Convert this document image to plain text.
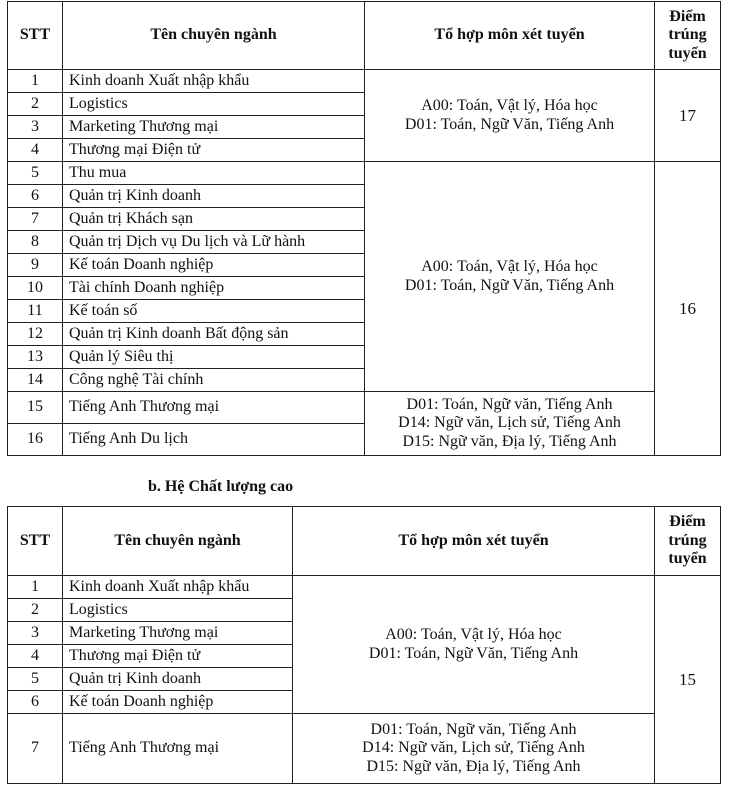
STT	Tên chuyên ngành	Tổ hợp môn xét tuyển	Điểm
trúng
tuyển

1	Kinh doanh Xuất nhập khẩu	A00: Toán, Vật lý, Hóa học
D01: Toán, Ngữ Văn, Tiếng Anh	17
2	Logistics		
3	Marketing Thương mại		
4	Thương mại Điện tử		
5	Thu mua	A00: Toán, Vật lý, Hóa học
D01: Toán, Ngữ Văn, Tiếng Anh	16
6	Quản trị Kinh doanh		
7	Quản trị Khách sạn		
8	Quản trị Dịch vụ Du lịch và Lữ hành		
9	Kế toán Doanh nghiệp		
10	Tài chính Doanh nghiệp		
11	Kế toán số		
12	Quản trị Kinh doanh Bất động sản		
13	Quản lý Siêu thị		
14	Công nghệ Tài chính		
15	Tiếng Anh Thương mại	D01: Toán, Ngữ văn, Tiếng Anh
D14: Ngữ văn, Lịch sử, Tiếng Anh
D15: Ngữ văn, Địa lý, Tiếng Anh	

16	Tiếng Anh Du lịch		
b. Hệ Chất lượng cao
STT	Tên chuyên ngành	Tổ hợp môn xét tuyển	Điểm
trúng
tuyển

1	Kinh doanh Xuất nhập khẩu	A00: Toán, Vật lý, Hóa học
D01: Toán, Ngữ Văn, Tiếng Anh	15
2	Logistics		
3	Marketing Thương mại		
4	Thương mại Điện tử		
5	Quản trị Kinh doanh		
6	Kế toán Doanh nghiệp		
7	Tiếng Anh Thương mại	D01: Toán, Ngữ văn, Tiếng Anh
D14: Ngữ văn, Lịch sử, Tiếng Anh
D15: Ngữ văn, Địa lý, Tiếng Anh	
